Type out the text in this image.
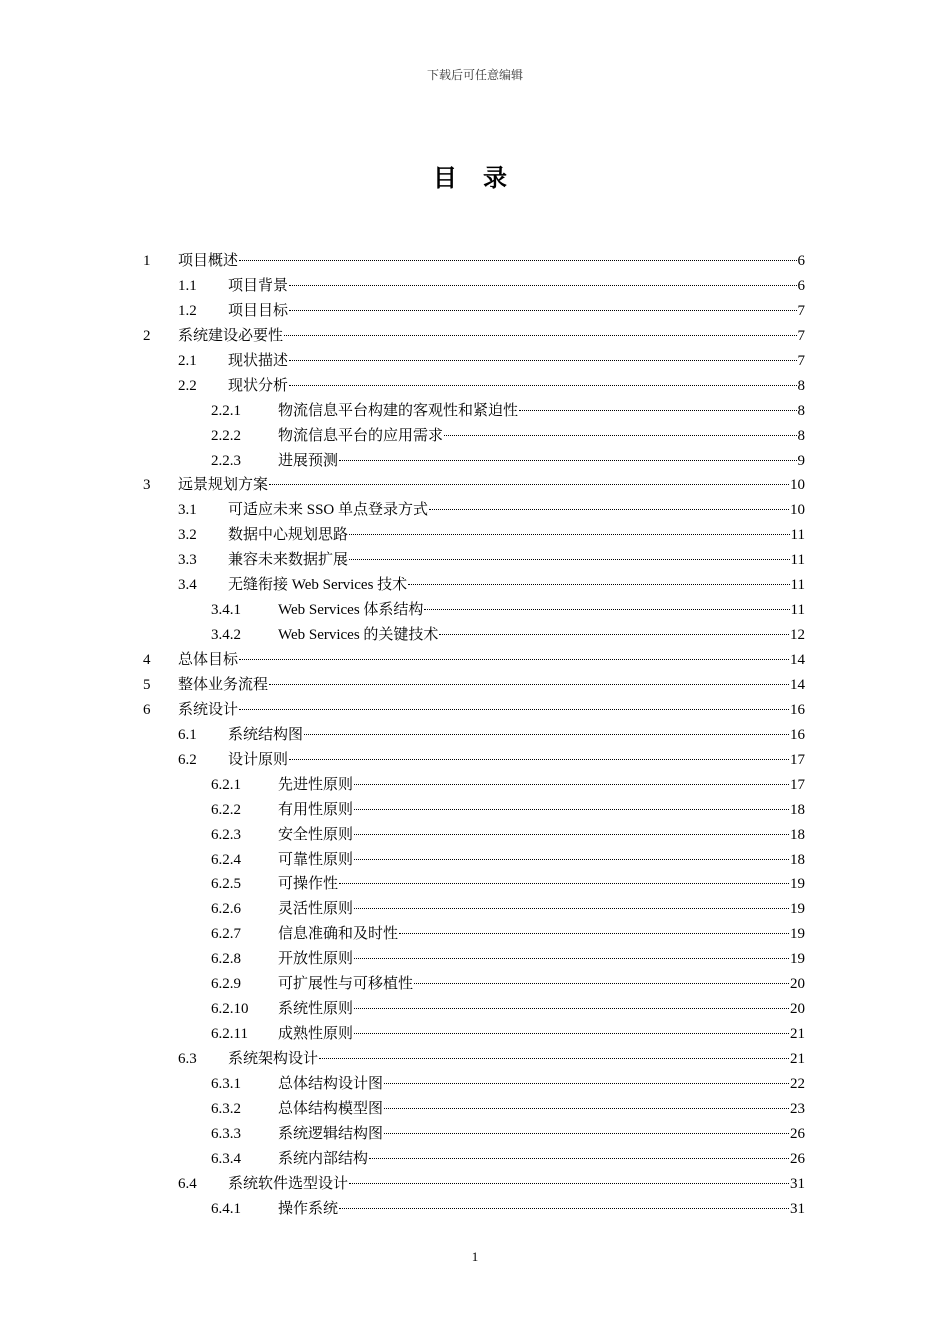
下载后可任意编辑
目 录
1	项目概述	6
1.1	项目背景	6
1.2	项目目标	7
2	系统建设必要性	7
2.1	现状描述	7
2.2	现状分析	8
2.2.1	物流信息平台构建的客观性和紧迫性	8
2.2.2	物流信息平台的应用需求	8
2.2.3	进展预测	9
3	远景规划方案	10
3.1	可适应未来 SSO 单点登录方式	10
3.2	数据中心规划思路	11
3.3	兼容未来数据扩展	11
3.4	无缝衔接 Web Services 技术	11
3.4.1	Web Services 体系结构	11
3.4.2	Web Services 的关键技术	12
4	总体目标	14
5	整体业务流程	14
6	系统设计	16
6.1	系统结构图	16
6.2	设计原则	17
6.2.1	先进性原则	17
6.2.2	有用性原则	18
6.2.3	安全性原则	18
6.2.4	可靠性原则	18
6.2.5	可操作性	19
6.2.6	灵活性原则	19
6.2.7	信息准确和及时性	19
6.2.8	开放性原则	19
6.2.9	可扩展性与可移植性	20
6.2.10	系统性原则	20
6.2.11	成熟性原则	21
6.3	系统架构设计	21
6.3.1	总体结构设计图	22
6.3.2	总体结构模型图	23
6.3.3	系统逻辑结构图	26
6.3.4	系统内部结构	26
6.4	系统软件选型设计	31
6.4.1	操作系统	31
1
